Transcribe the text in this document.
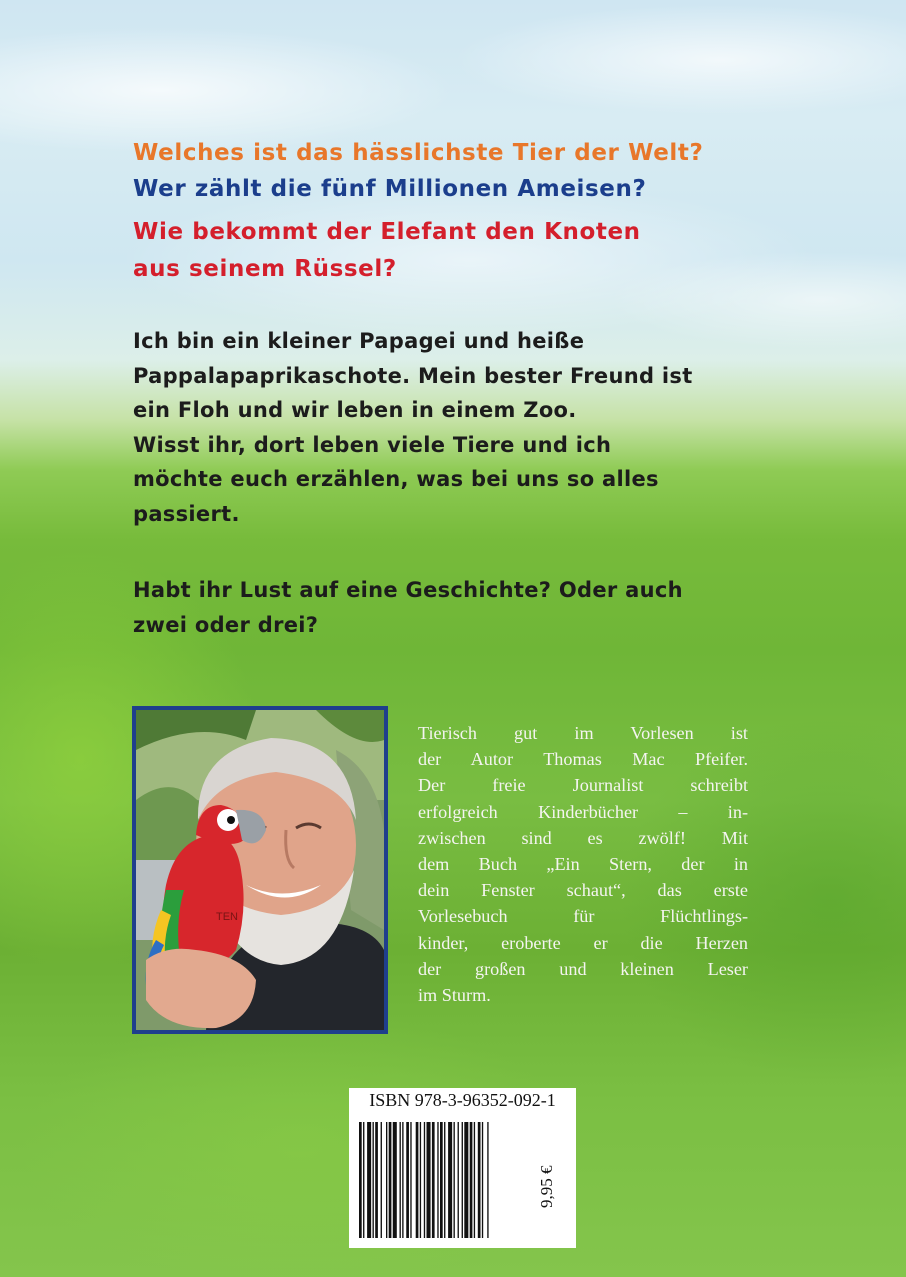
Welches ist das hässlichste Tier der Welt?

Wer zählt die fünf Millionen Ameisen?

Wie bekommt der Elefant den Knoten

aus seinem Rüssel?

Ich bin ein kleiner Papagei und heiße
Pappalapaprikaschote. Mein bester Freund ist
ein Floh und wir leben in einem Zoo.
Wisst ihr, dort leben viele Tiere und ich
möchte euch erzählen, was bei uns so alles
passiert.
Habt ihr Lust auf eine Geschichte? Oder auch
zwei oder drei?
TEN
Tierisch gut im Vorlesen ist
der Autor Thomas Mac Pfeifer.
Der freie Journalist schreibt
erfolgreich Kinderbücher – in-
zwischen sind es zwölf! Mit
dem Buch „Ein Stern, der in
dein Fenster schaut“, das erste
Vorlesebuch für Flüchtlings-
kinder, eroberte er die Herzen
der großen und kleinen Leser
im Sturm.
ISBN 978-3-96352-092-1
9,95 €
